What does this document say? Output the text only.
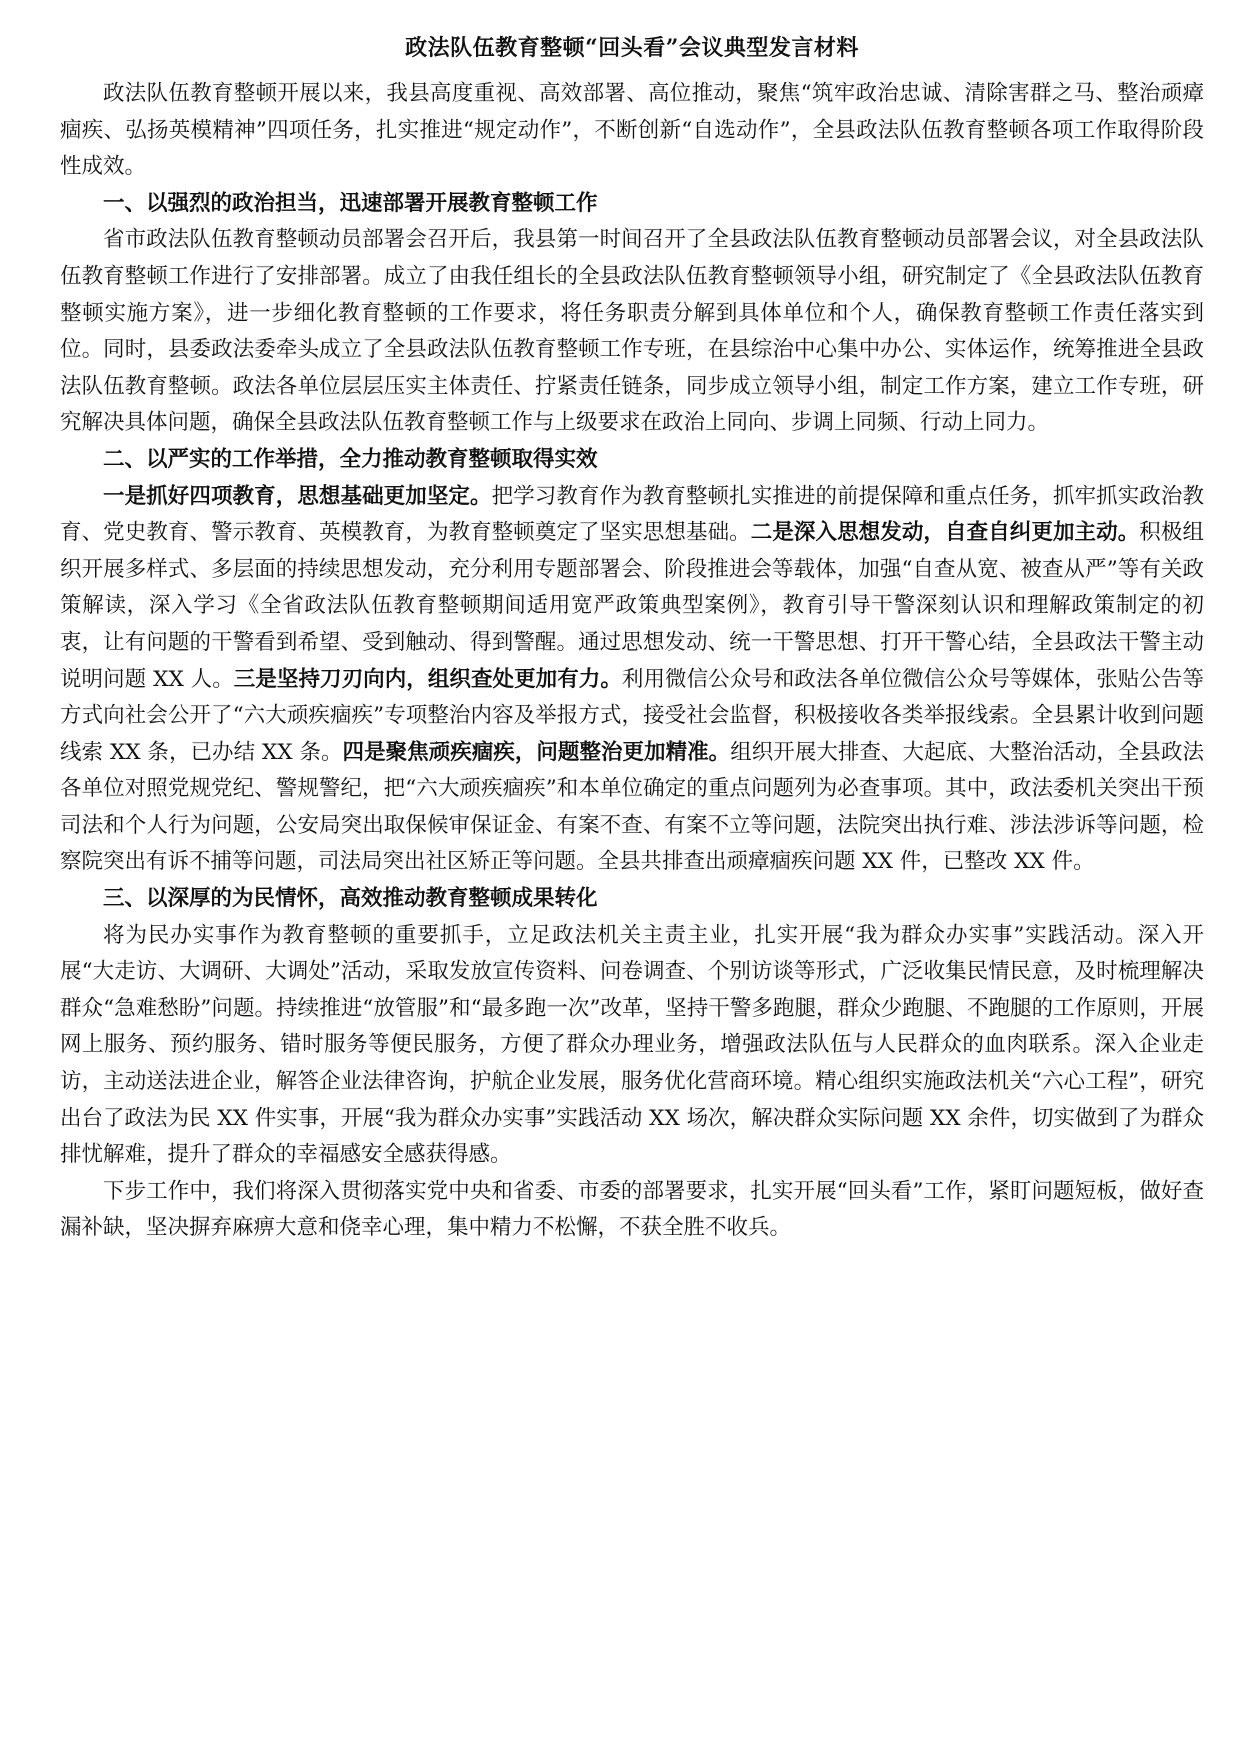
政法队伍教育整顿“回头看”会议典型发言材料

政法队伍教育整顿开展以来，我县高度重视、高效部署、高位推动，聚焦“筑牢政治忠诚、清除害群之马、整治顽瘴痼疾、弘扬英模精神”四项任务，扎实推进“规定动作”，不断创新“自选动作”，全县政法队伍教育整顿各项工作取得阶段性成效。

一、以强烈的政治担当，迅速部署开展教育整顿工作

省市政法队伍教育整顿动员部署会召开后，我县第一时间召开了全县政法队伍教育整顿动员部署会议，对全县政法队伍教育整顿工作进行了安排部署。成立了由我任组长的全县政法队伍教育整顿领导小组，研究制定了《全县政法队伍教育整顿实施方案》，进一步细化教育整顿的工作要求，将任务职责分解到具体单位和个人，确保教育整顿工作责任落实到位。同时，县委政法委牵头成立了全县政法队伍教育整顿工作专班，在县综治中心集中办公、实体运作，统筹推进全县政法队伍教育整顿。政法各单位层层压实主体责任、拧紧责任链条，同步成立领导小组，制定工作方案，建立工作专班，研究解决具体问题，确保全县政法队伍教育整顿工作与上级要求在政治上同向、步调上同频、行动上同力。

二、以严实的工作举措，全力推动教育整顿取得实效

一是抓好四项教育，思想基础更加坚定。把学习教育作为教育整顿扎实推进的前提保障和重点任务，抓牢抓实政治教育、党史教育、警示教育、英模教育，为教育整顿奠定了坚实思想基础。二是深入思想发动，自查自纠更加主动。积极组织开展多样式、多层面的持续思想发动，充分利用专题部署会、阶段推进会等载体，加强“自查从宽、被查从严”等有关政策解读，深入学习《全省政法队伍教育整顿期间适用宽严政策典型案例》，教育引导干警深刻认识和理解政策制定的初衷，让有问题的干警看到希望、受到触动、得到警醒。通过思想发动、统一干警思想、打开干警心结，全县政法干警主动说明问题 XX 人。三是坚持刀刃向内，组织查处更加有力。利用微信公众号和政法各单位微信公众号等媒体，张贴公告等方式向社会公开了“六大顽疾痼疾”专项整治内容及举报方式，接受社会监督，积极接收各类举报线索。全县累计收到问题线索 XX 条，已办结 XX 条。四是聚焦顽疾痼疾，问题整治更加精准。组织开展大排查、大起底、大整治活动，全县政法各单位对照党规党纪、警规警纪，把“六大顽疾痼疾”和本单位确定的重点问题列为必查事项。其中，政法委机关突出干预司法和个人行为问题，公安局突出取保候审保证金、有案不查、有案不立等问题，法院突出执行难、涉法涉诉等问题，检察院突出有诉不捕等问题，司法局突出社区矫正等问题。全县共排查出顽瘴痼疾问题 XX 件，已整改 XX 件。

三、以深厚的为民情怀，高效推动教育整顿成果转化

将为民办实事作为教育整顿的重要抓手，立足政法机关主责主业，扎实开展“我为群众办实事”实践活动。深入开展“大走访、大调研、大调处”活动，采取发放宣传资料、问卷调查、个别访谈等形式，广泛收集民情民意，及时梳理解决群众“急难愁盼”问题。持续推进“放管服”和“最多跑一次”改革，坚持干警多跑腿，群众少跑腿、不跑腿的工作原则，开展网上服务、预约服务、错时服务等便民服务，方便了群众办理业务，增强政法队伍与人民群众的血肉联系。深入企业走访，主动送法进企业，解答企业法律咨询，护航企业发展，服务优化营商环境。精心组织实施政法机关“六心工程”，研究出台了政法为民 XX 件实事，开展“我为群众办实事”实践活动 XX 场次，解决群众实际问题 XX 余件，切实做到了为群众排忧解难，提升了群众的幸福感安全感获得感。

下步工作中，我们将深入贯彻落实党中央和省委、市委的部署要求，扎实开展“回头看”工作，紧盯问题短板，做好查漏补缺，坚决摒弃麻痹大意和侥幸心理，集中精力不松懈，不获全胜不收兵。
